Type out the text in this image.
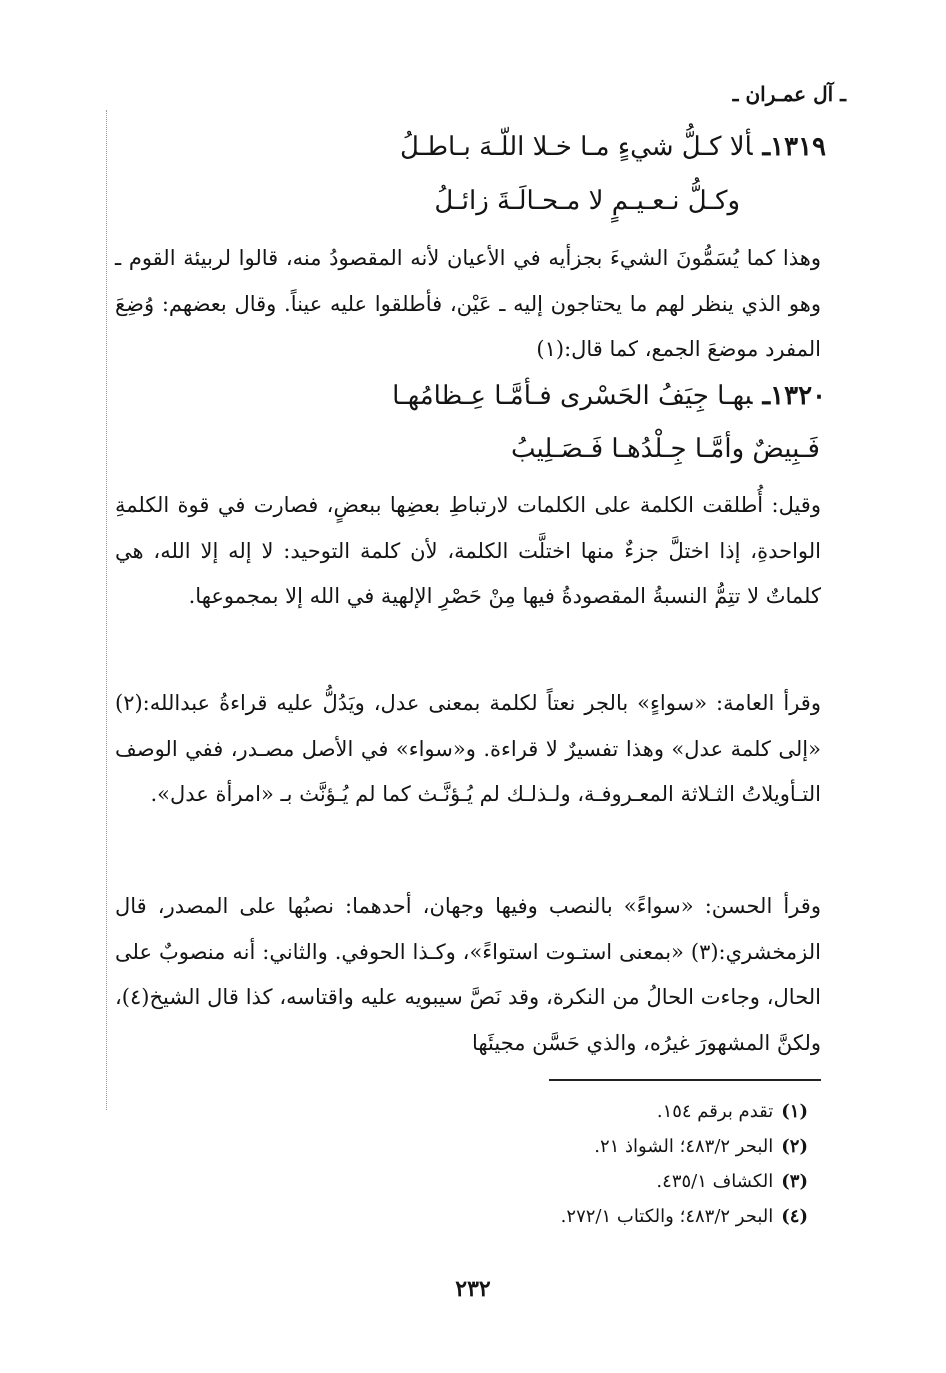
ـ آل عمـران ـ
١٣١٩ـألا كـلُّ شيءٍ مـا خـلا اللّـهَ بـاطـلُ
وكـلُّ نـعـيـمٍ لا مـحـالَـةَ زائـلُ
وهذا كما يُسَمُّونَ الشيءَ بجزأيه في الأعيان لأنه المقصودُ منه، قالوا لربيئة القوم ـ وهو الذي ينظر لهم ما يحتاجون إليه ـ عَيْن، فأطلقوا عليه عيناً. وقال بعضهم: وُضِعَ المفرد موضعَ الجمع، كما قال:(١)
١٣٢٠ـبهـا جِيَفُ الحَسْرى فـأمَّـا عِـظامُهـا
فَـبِيضٌ وأمَّـا جِـلْدُهـا فَـصَـلِيبُ
وقيل: أُطلقت الكلمة على الكلمات لارتباطِ بعضِها ببعضٍ، فصارت في قوة الكلمةِ الواحدةِ، إذا اختلَّ جزءٌ منها اختلَّت الكلمة، لأن كلمة التوحيد: لا إله إلا الله، هي كلماتٌ لا تتِمُّ النسبةُ المقصودةُ فيها مِنْ حَصْرِ الإلهية في الله إلا بمجموعها.
وقرأ العامة: «سواءٍ» بالجر نعتاً لكلمة بمعنى عدل، ويَدُلُّ عليه قراءةُ عبدالله:(٢) «إلى كلمة عدل» وهذا تفسيرٌ لا قراءة. و«سواء» في الأصل مصـدر، ففي الوصف التـأويلاتُ الثـلاثة المعـروفـة، ولـذلـك لم يُـؤنَّـث كما لم يُـؤنَّث بـ «امرأة عدل».
وقرأ الحسن: «سواءً» بالنصب وفيها وجهان، أحدهما: نصبُها على المصدر، قال الزمخشري:(٣) «بمعنى استـوت استواءً»، وكـذا الحوفي. والثاني: أنه منصوبٌ على الحال، وجاءت الحالُ من النكرة، وقد نَصَّ سيبويه عليه واقتاسه، كذا قال الشيخ(٤)، ولكنَّ المشهورَ غيرُه، والذي حَسَّن مجيئَها
(١)تقدم برقم ١٥٤.
(٢)البحر ٤٨٣/٢؛ الشواذ ٢١.
(٣)الكشاف ٤٣٥/١.
(٤)البحر ٤٨٣/٢؛ والكتاب ٢٧٢/١.
٢٣٢
